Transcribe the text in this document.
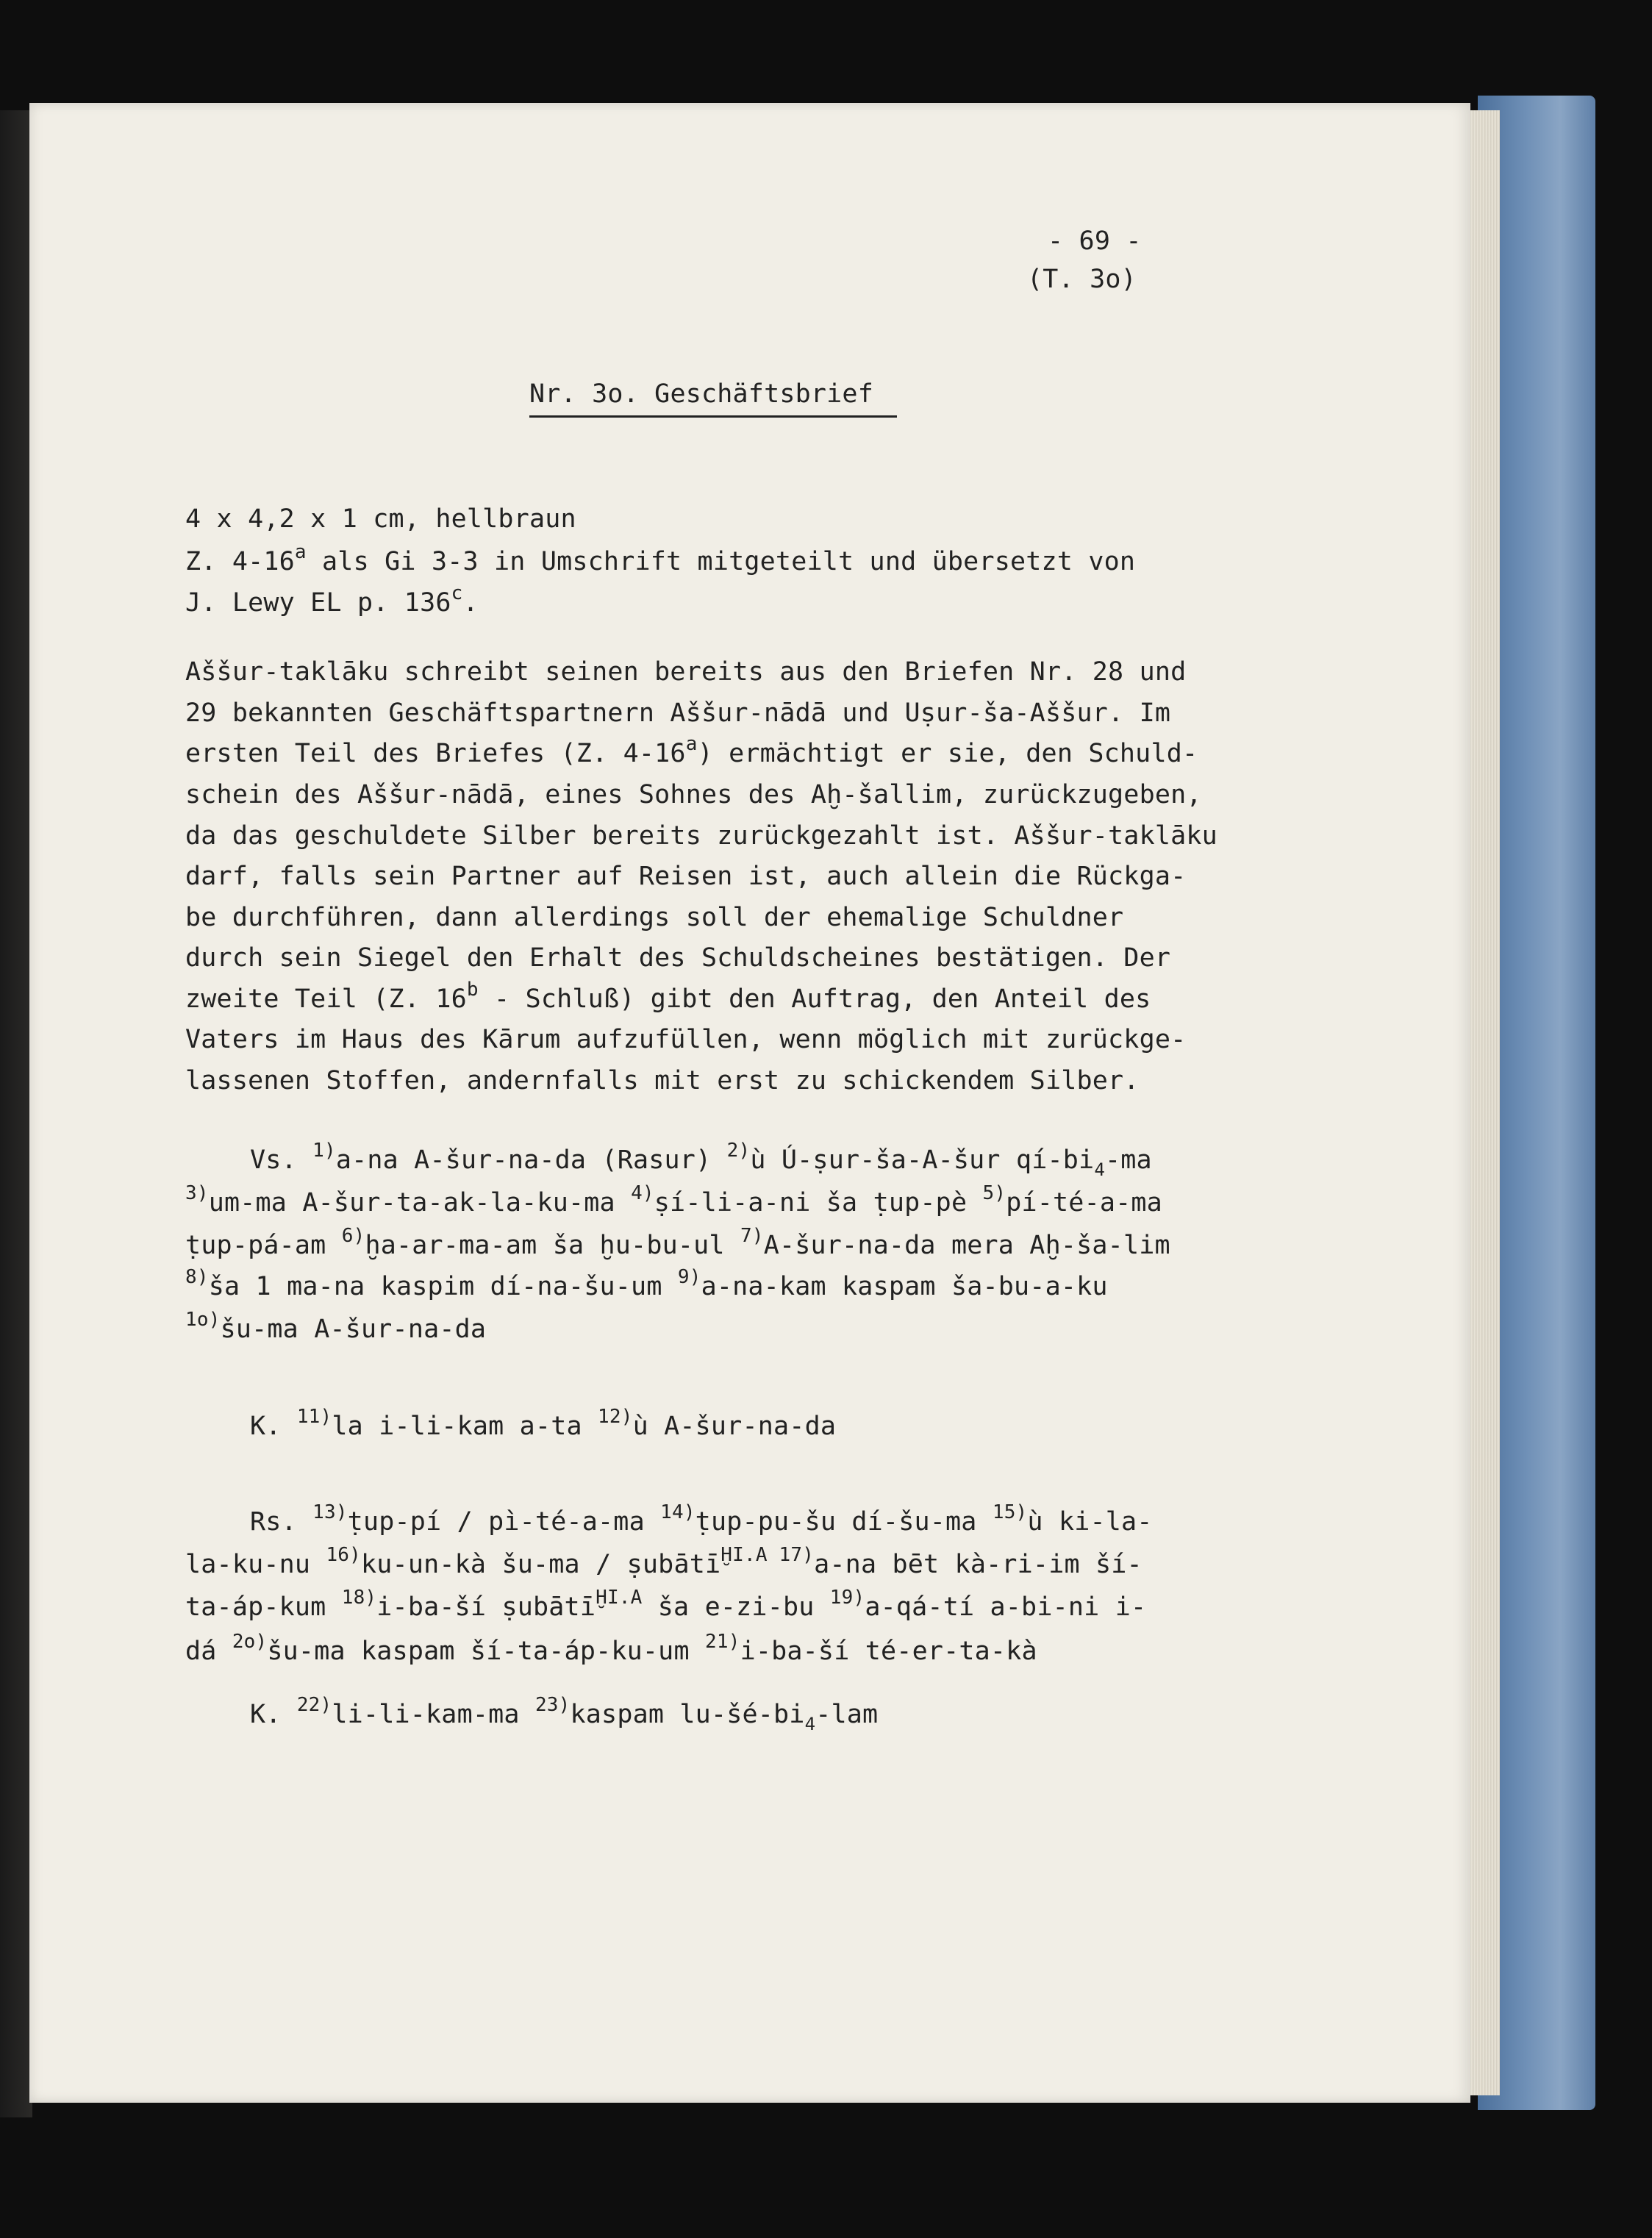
- 69 -
(T. 3o)
Nr. 3o. Geschäftsbrief
4 x 4,2 x 1 cm, hellbraun
Z. 4-16$^a$ als Gi 3-3 in Umschrift mitgeteilt und übersetzt von
J. Lewy EL p. 136$^c$.
Aššur-taklāku schreibt seinen bereits aus den Briefen Nr. 28 und
29 bekannten Geschäftspartnern Aššur-nādā und Uṣur-ša-Aššur. Im
ersten Teil des Briefes (Z. 4-16$^a$) ermächtigt er sie, den Schuld-
schein des Aššur-nādā, eines Sohnes des Aḫ-šallim, zurückzugeben,
da das geschuldete Silber bereits zurückgezahlt ist. Aššur-taklāku
darf, falls sein Partner auf Reisen ist, auch allein die Rückga-
be durchführen, dann allerdings soll der ehemalige Schuldner
durch sein Siegel den Erhalt des Schuldscheines bestätigen. Der
zweite Teil (Z. 16$^b$ - Schluß) gibt den Auftrag, den Anteil des
Vaters im Haus des Kārum aufzufüllen, wenn möglich mit zurückge-
lassenen Stoffen, andernfalls mit erst zu schickendem Silber.
Vs. $^{1)}$a-na A-šur-na-da (Rasur) $^{2)}$ù Ú-ṣur-ša-A-šur $qí-bi_4-ma$
$^{3)}$um-ma A-šur-ta-ak-la-ku-ma $^{4)}$ṣí-li-a-ni ša ṭup-pè $^{5)}$pí-té-a-ma
ṭup-pá-am $^{6)}$ḫa-ar-ma-am ša ḫu-bu-ul $^{7)}$A-šur-na-da mera Aḫ-ša-lim
$^{8)}$ša 1 ma-na kaspim dí-na-šu-um $^{9)}$a-na-kam kaspam ša-bu-a-ku
$^{1o)}$šu-ma A-šur-na-da
K. $^{11)}$la i-li-kam a-ta $^{12)}$ù A-šur-na-da
Rs. $^{13)}$ṭup-pí / pì-té-a-ma $^{14)}$ṭup-pu-šu dí-šu-ma $^{15)}$ù ki-la-
la-ku-nu $^{16)}$ku-un-kà šu-ma / ṣubātī$^{ḪI.A}$ $^{17)}$a-na bēt kà-ri-im ší-
ta-áp-kum $^{18)}$i-ba-ší ṣubātī$^{ḪI.A}$ ša e-zi-bu $^{19)}$a-qá-tí a-bi-ni i-
dá $^{2o)}$šu-ma kaspam ší-ta-áp-ku-um $^{21)}$i-ba-ší té-er-ta-kà
K. $^{22)}$li-li-kam-ma $^{23)}$kaspam $lu-šé-bi_4$-lam
